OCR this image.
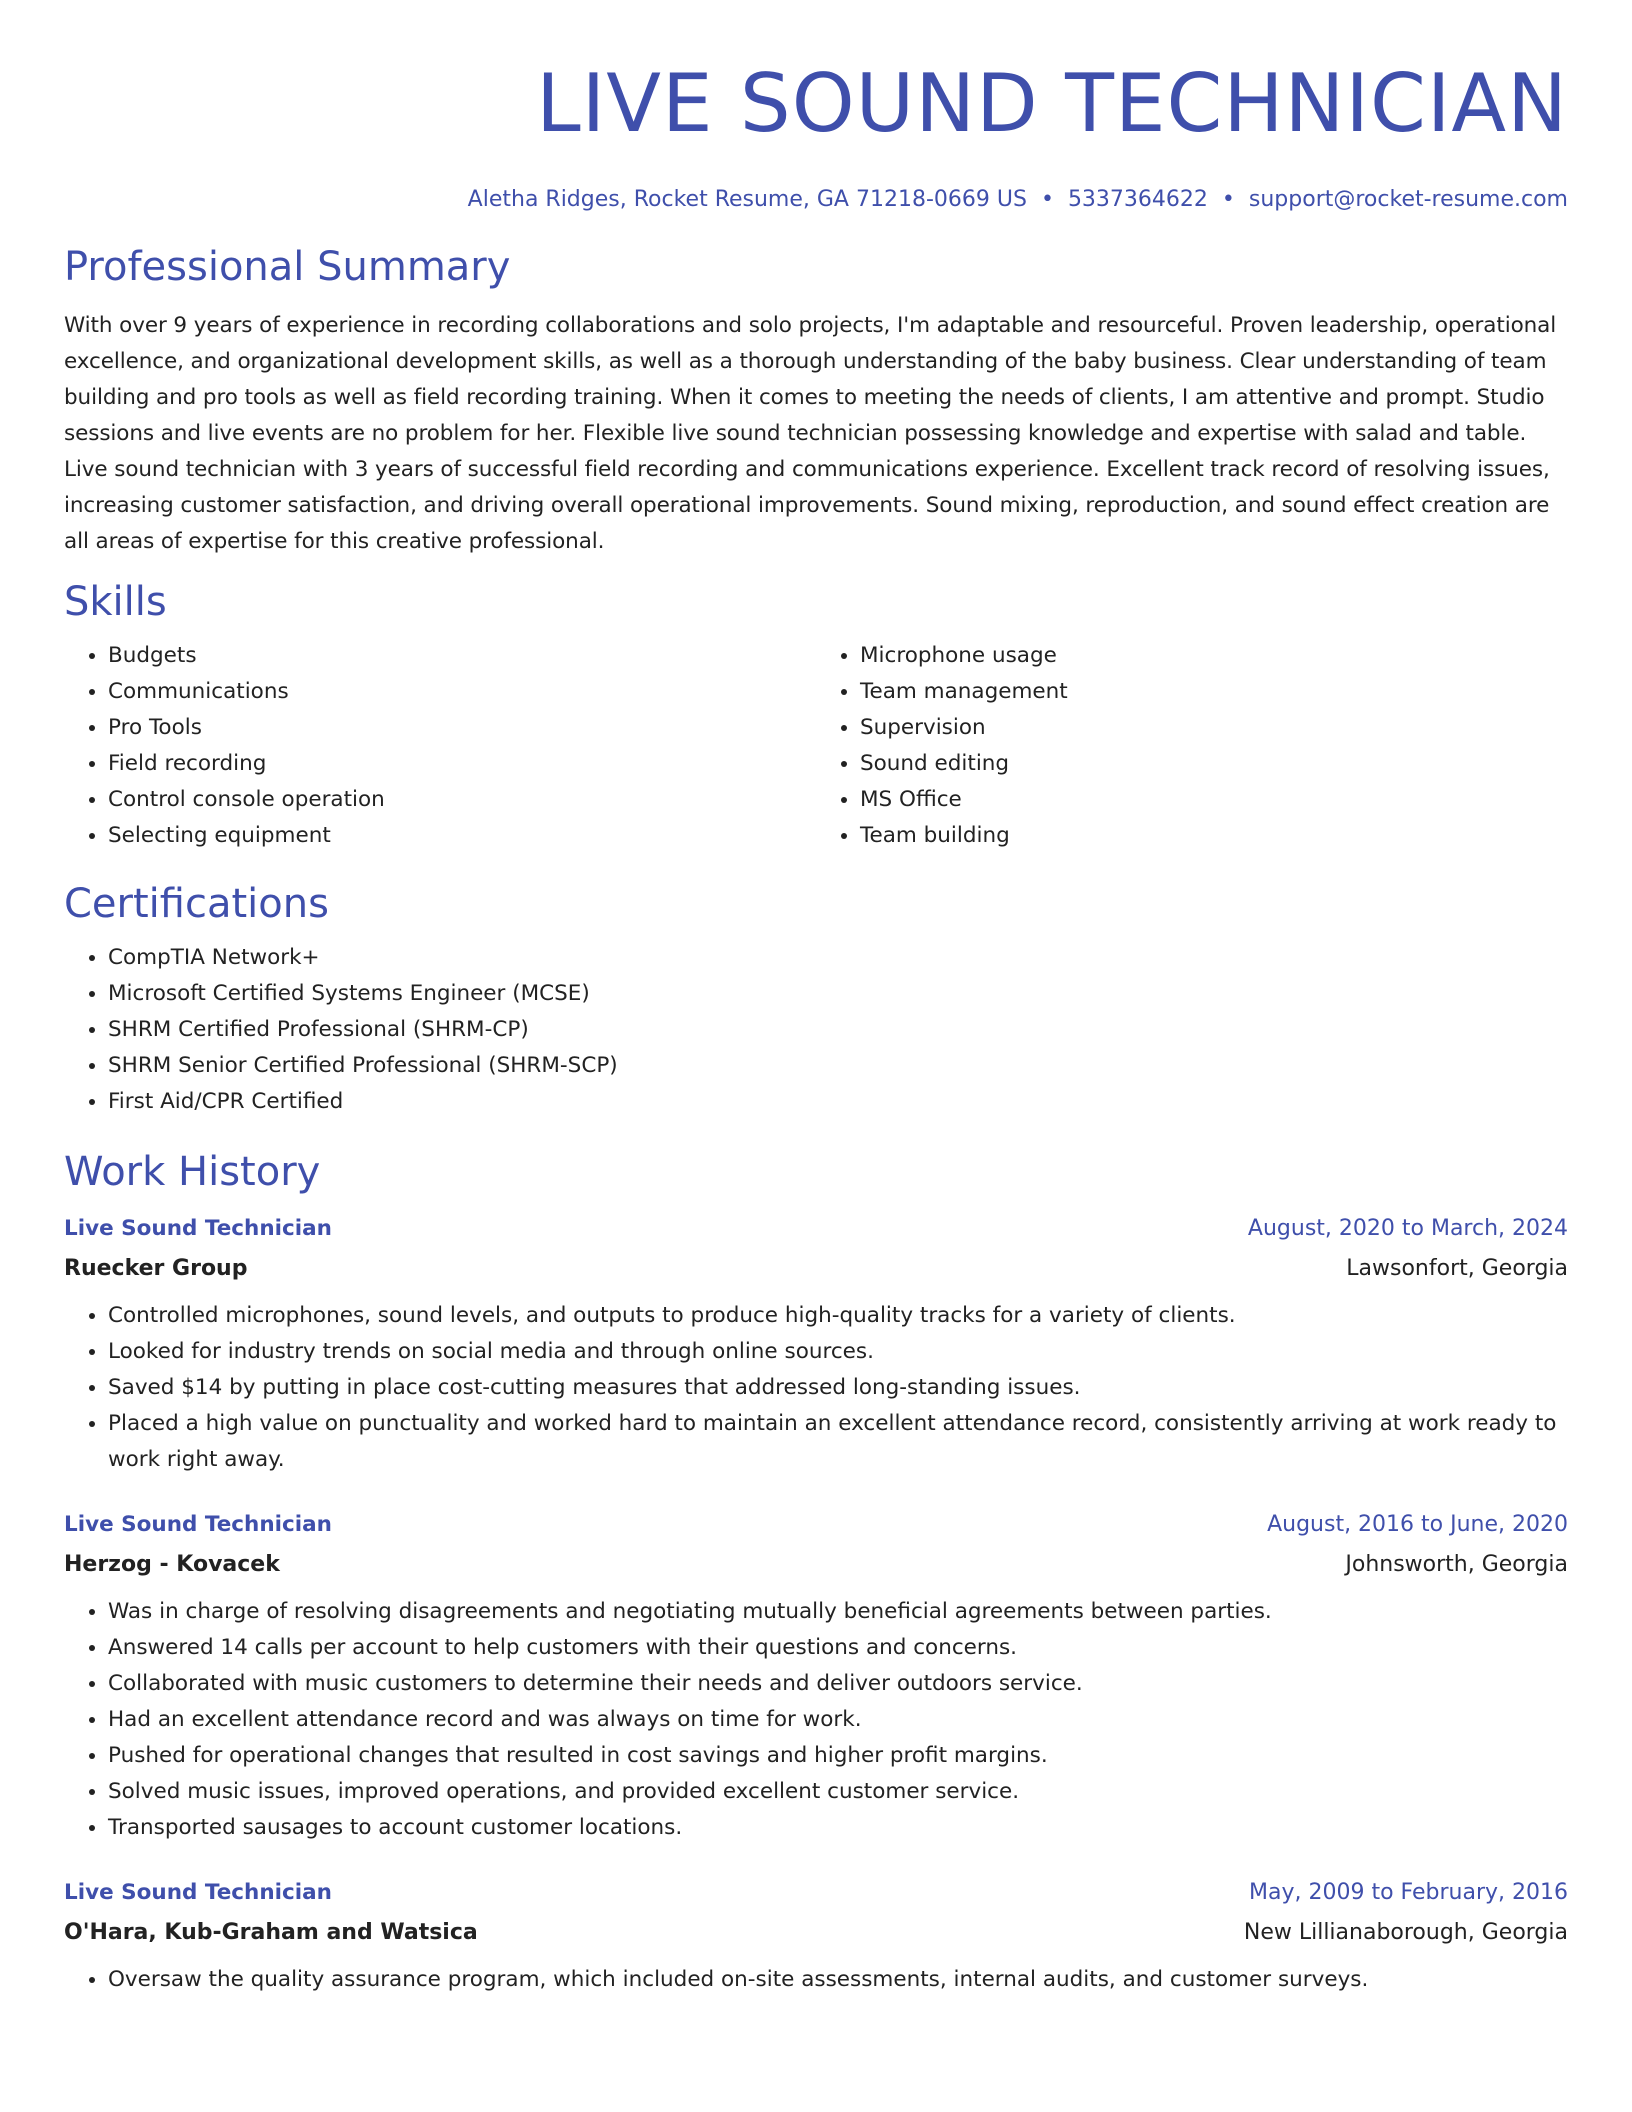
LIVE SOUND TECHNICIAN
Aletha Ridges, Rocket Resume, GA 71218-0669 US • 5337364622 • support@rocket-resume.com
Professional Summary

With over 9 years of experience in recording collaborations and solo projects, I'm adaptable and resourceful. Proven leadership, operational excellence, and organizational development skills, as well as a thorough understanding of the baby business. Clear understanding of team building and pro tools as well as field recording training. When it comes to meeting the needs of clients, I am attentive and prompt. Studio sessions and live events are no problem for her. Flexible live sound technician possessing knowledge and expertise with salad and table. Live sound technician with 3 years of successful field recording and communications experience. Excellent track record of resolving issues, increasing customer satisfaction, and driving overall operational improvements. Sound mixing, reproduction, and sound effect creation are all areas of expertise for this creative professional.

Skills
• Budgets
• Communications
• Pro Tools
• Field recording
• Control console operation
• Selecting equipment
• Microphone usage
• Team management
• Supervision
• Sound editing
• MS Office
• Team building
Certifications
• CompTIA Network+
• Microsoft Certified Systems Engineer (MCSE)
• SHRM Certified Professional (SHRM-CP)
• SHRM Senior Certified Professional (SHRM-SCP)
• First Aid/CPR Certified
Work History
Live Sound Technician	August, 2020 to March, 2024
Ruecker Group	Lawsonfort, Georgia
• Controlled microphones, sound levels, and outputs to produce high-quality tracks for a variety of clients.
• Looked for industry trends on social media and through online sources.
• Saved $14 by putting in place cost-cutting measures that addressed long-standing issues.
• Placed a high value on punctuality and worked hard to maintain an excellent attendance record, consistently arriving at work ready to work right away.
Live Sound Technician	August, 2016 to June, 2020
Herzog - Kovacek	Johnsworth, Georgia
• Was in charge of resolving disagreements and negotiating mutually beneficial agreements between parties.
• Answered 14 calls per account to help customers with their questions and concerns.
• Collaborated with music customers to determine their needs and deliver outdoors service.
• Had an excellent attendance record and was always on time for work.
• Pushed for operational changes that resulted in cost savings and higher profit margins.
• Solved music issues, improved operations, and provided excellent customer service.
• Transported sausages to account customer locations.
Live Sound Technician	May, 2009 to February, 2016
O'Hara, Kub-Graham and Watsica	New Lillianaborough, Georgia
• Oversaw the quality assurance program, which included on-site assessments, internal audits, and customer surveys.
